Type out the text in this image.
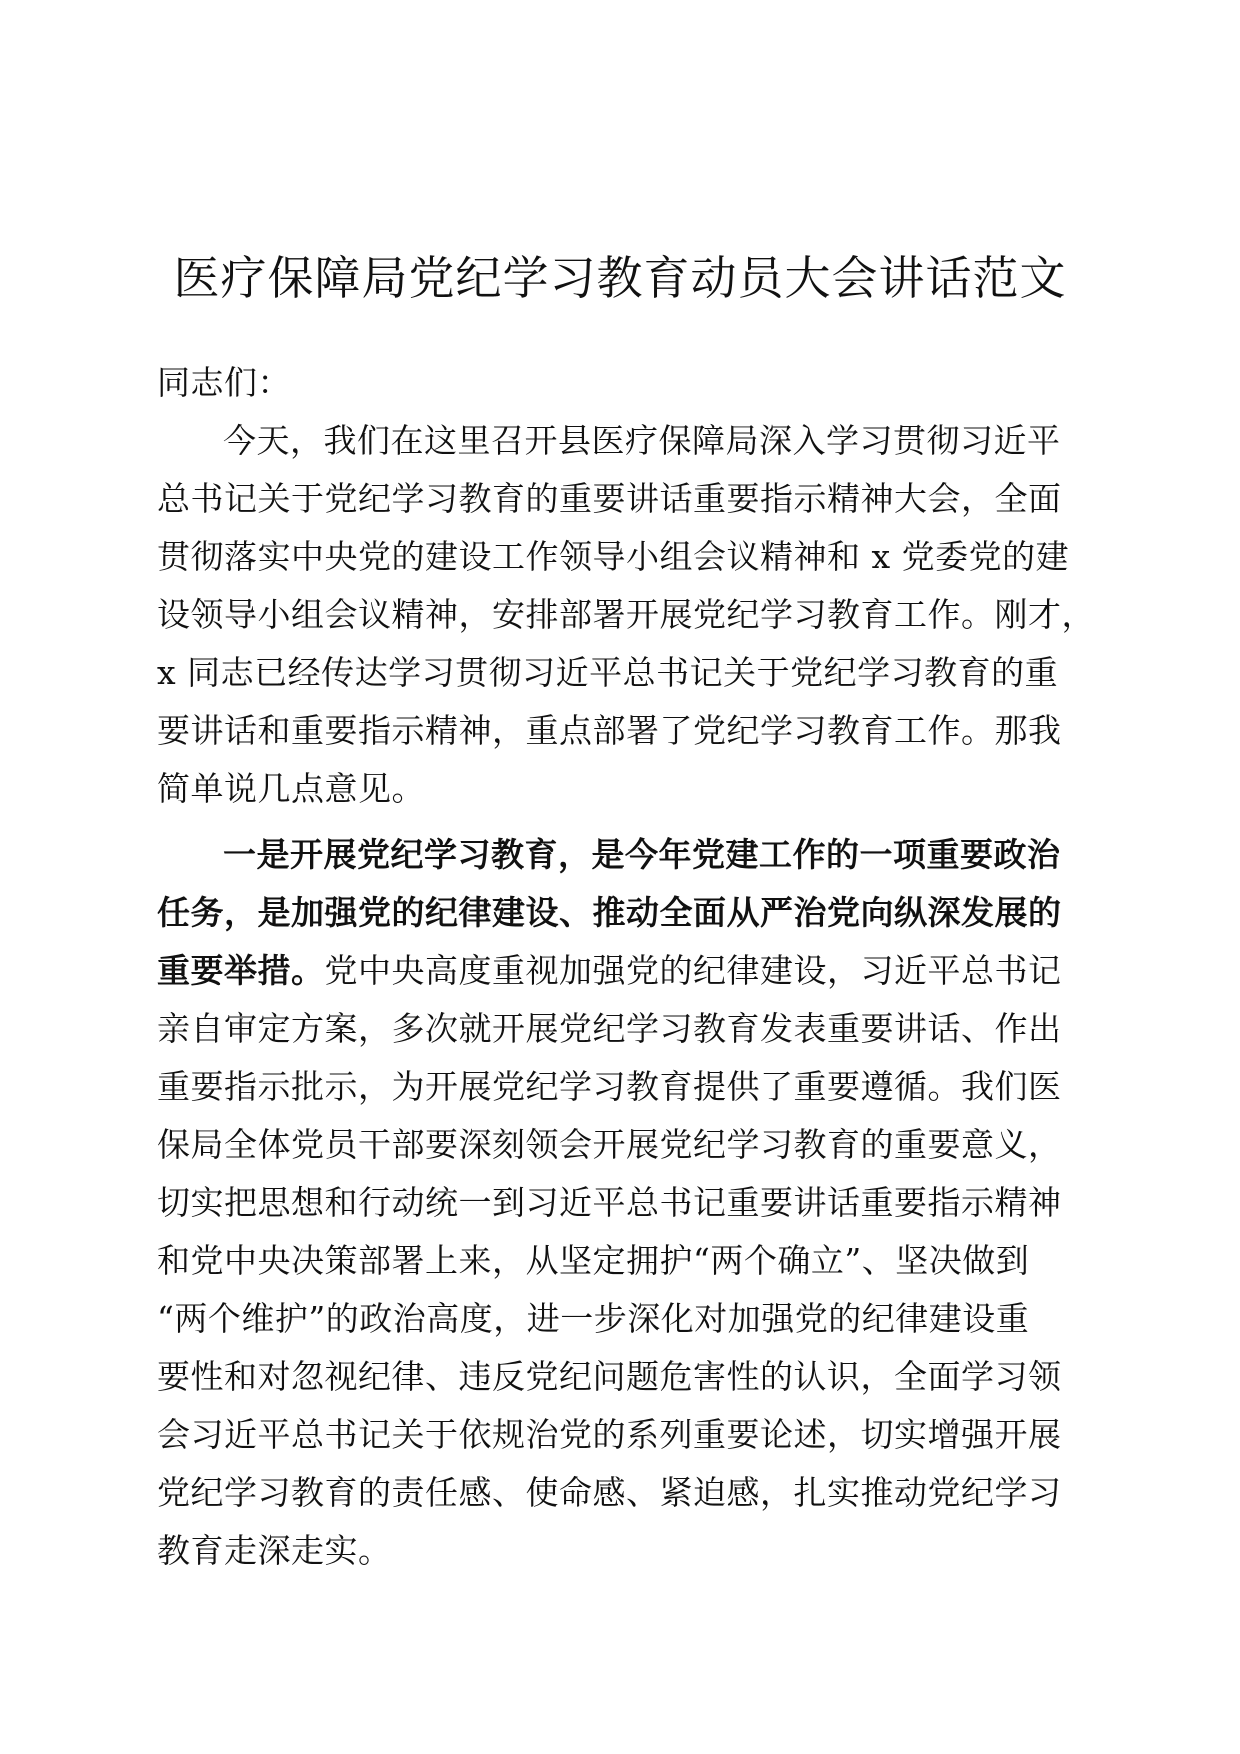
医疗保障局党纪学习教育动员大会讲话范文
同志们：
今天，我们在这里召开县医疗保障局深入学习贯彻习近平
总书记关于党纪学习教育的重要讲话重要指示精神大会，全面
贯彻落实中央党的建设工作领导小组会议精神和 x 党委党的建
设领导小组会议精神，安排部署开展党纪学习教育工作。刚才，
x 同志已经传达学习贯彻习近平总书记关于党纪学习教育的重
要讲话和重要指示精神，重点部署了党纪学习教育工作。那我
简单说几点意见。
一是开展党纪学习教育，是今年党建工作的一项重要政治
任务，是加强党的纪律建设、推动全面从严治党向纵深发展的
重要举措。党中央高度重视加强党的纪律建设，习近平总书记
亲自审定方案，多次就开展党纪学习教育发表重要讲话、作出
重要指示批示，为开展党纪学习教育提供了重要遵循。我们医
保局全体党员干部要深刻领会开展党纪学习教育的重要意义，
切实把思想和行动统一到习近平总书记重要讲话重要指示精神
和党中央决策部署上来，从坚定拥护“两个确立”、坚决做到
“两个维护”的政治高度，进一步深化对加强党的纪律建设重
要性和对忽视纪律、违反党纪问题危害性的认识，全面学习领
会习近平总书记关于依规治党的系列重要论述，切实增强开展
党纪学习教育的责任感、使命感、紧迫感，扎实推动党纪学习
教育走深走实。
